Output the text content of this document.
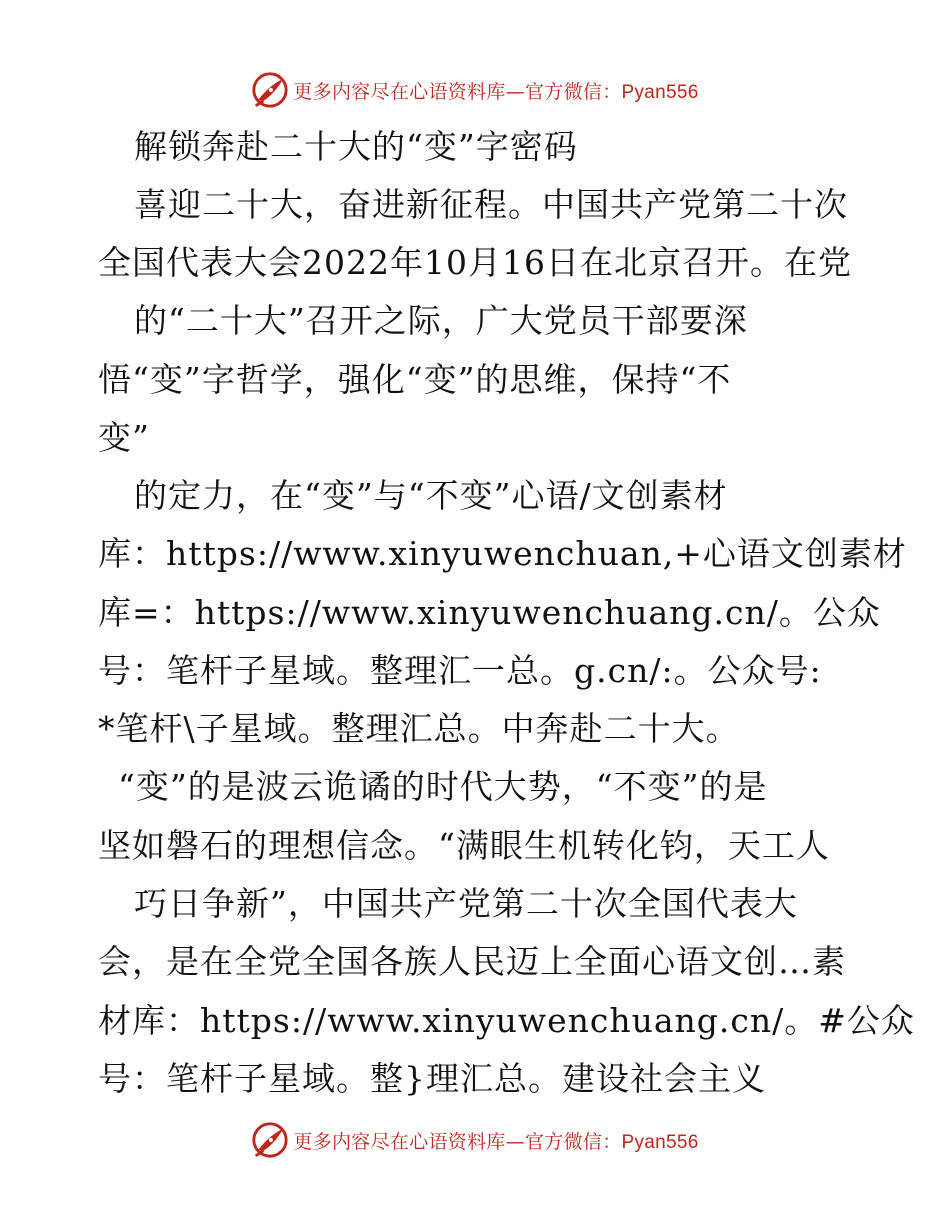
更多内容尽在心语资料库—官方微信：Pyan556
解锁奔赴二十大的“变”字密码
喜迎二十大，奋进新征程。中国共产党第二十次
全国代表大会2022年10月16日在北京召开。在党
的“二十大”召开之际，广大党员干部要深
悟“变”字哲学，强化“变”的思维，保持“不
变”
的定力，在“变”与“不变”心语/文创素材
库：https://www.xinyuwenchuan,+心语文创素材
库=：https://www.xinyuwenchuang.cn/。公众
号：笔杆子星域。整理汇一总。g.cn/:。公众号:
*笔杆\子星域。整理汇总。中奔赴二十大。
“变”的是波云诡谲的时代大势，“不变”的是
坚如磐石的理想信念。“满眼生机转化钧，天工人
巧日争新”，中国共产党第二十次全国代表大
会，是在全党全国各族人民迈上全面心语文创…素
材库：https://www.xinyuwenchuang.cn/。#公众
号：笔杆子星域。整}理汇总。建设社会主义
更多内容尽在心语资料库—官方微信：Pyan556
